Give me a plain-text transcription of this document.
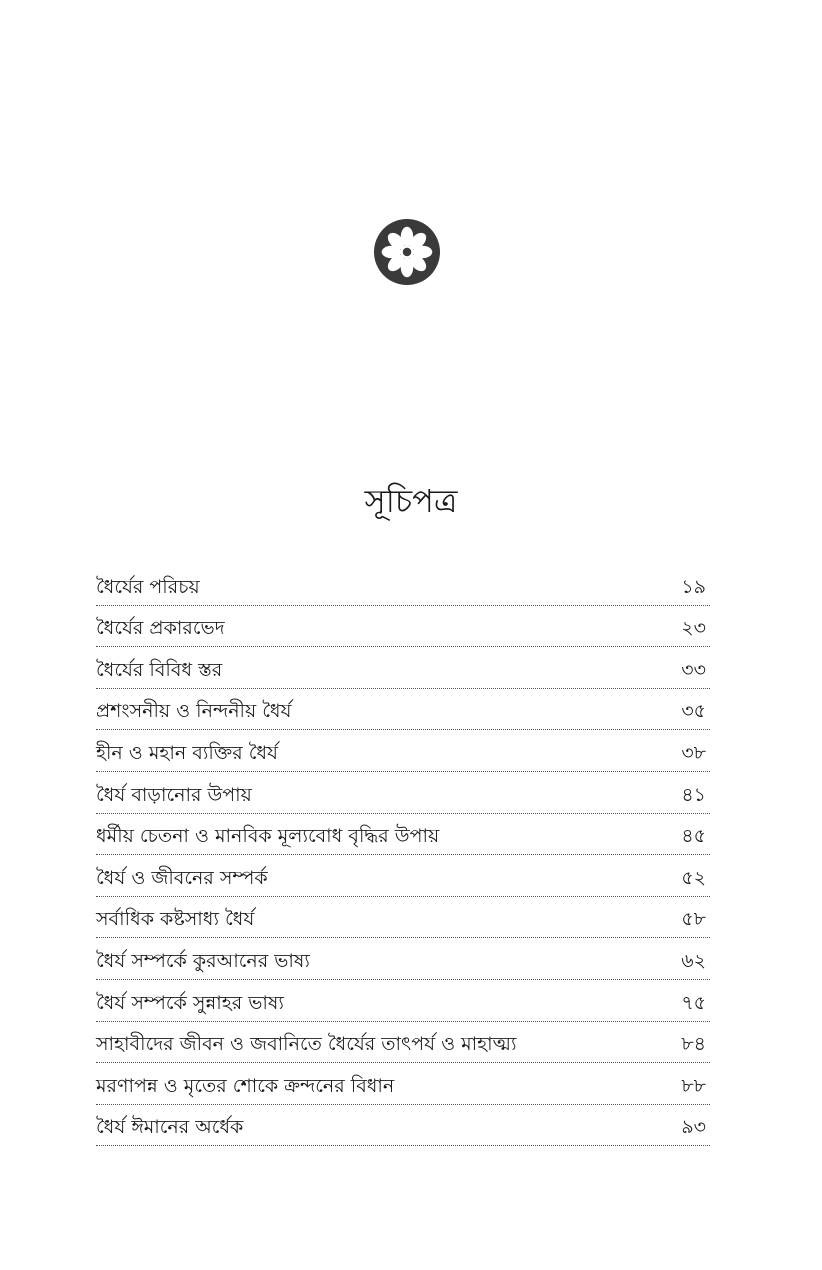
সূচিপত্র
ধৈর্যের পরিচয়	১৯
ধৈর্যের প্রকারভেদ	২৩
ধৈর্যের বিবিধ স্তর	৩৩
প্রশংসনীয় ও নিন্দনীয় ধৈর্য	৩৫
হীন ও মহান ব্যক্তির ধৈর্য	৩৮
ধৈর্য বাড়ানোর উপায়	৪১
ধর্মীয় চেতনা ও মানবিক মূল্যবোধ বৃদ্ধির উপায়	৪৫
ধৈর্য ও জীবনের সম্পর্ক	৫২
সর্বাধিক কষ্টসাধ্য ধৈর্য	৫৮
ধৈর্য সম্পর্কে কুরআনের ভাষ্য	৬২
ধৈর্য সম্পর্কে সুন্নাহর ভাষ্য	৭৫
সাহাবীদের জীবন ও জবানিতে ধৈর্যের তাৎপর্য ও মাহাত্ম্য	৮৪
মরণাপন্ন ও মৃতের শোকে ক্রন্দনের বিধান	৮৮
ধৈর্য ঈমানের অর্ধেক	৯৩
